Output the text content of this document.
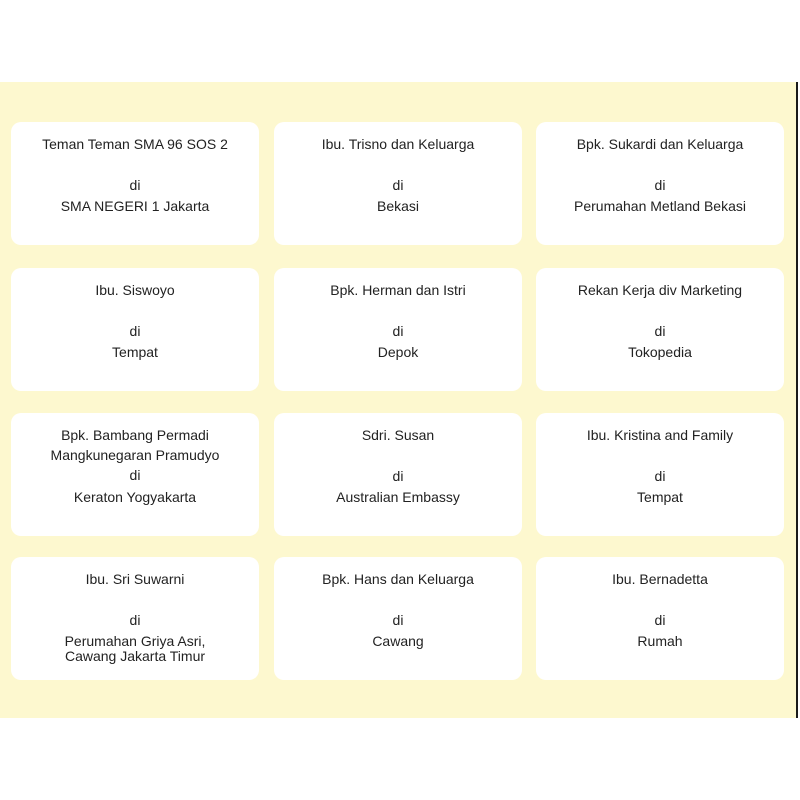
Teman Teman SMA 96 SOS 2
di
SMA NEGERI 1 Jakarta
Ibu. Trisno dan Keluarga
di
Bekasi
Bpk. Sukardi dan Keluarga
di
Perumahan Metland Bekasi
Ibu. Siswoyo
di
Tempat
Bpk. Herman dan Istri
di
Depok
Rekan Kerja div Marketing
di
Tokopedia
Bpk. Bambang Permadi
Mangkunegaran Pramudyo
di
Keraton Yogyakarta
Sdri. Susan
di
Australian Embassy
Ibu. Kristina and Family
di
Tempat
Ibu. Sri Suwarni
di
Perumahan Griya Asri,
Cawang Jakarta Timur
Bpk. Hans dan Keluarga
di
Cawang
Ibu. Bernadetta
di
Rumah
